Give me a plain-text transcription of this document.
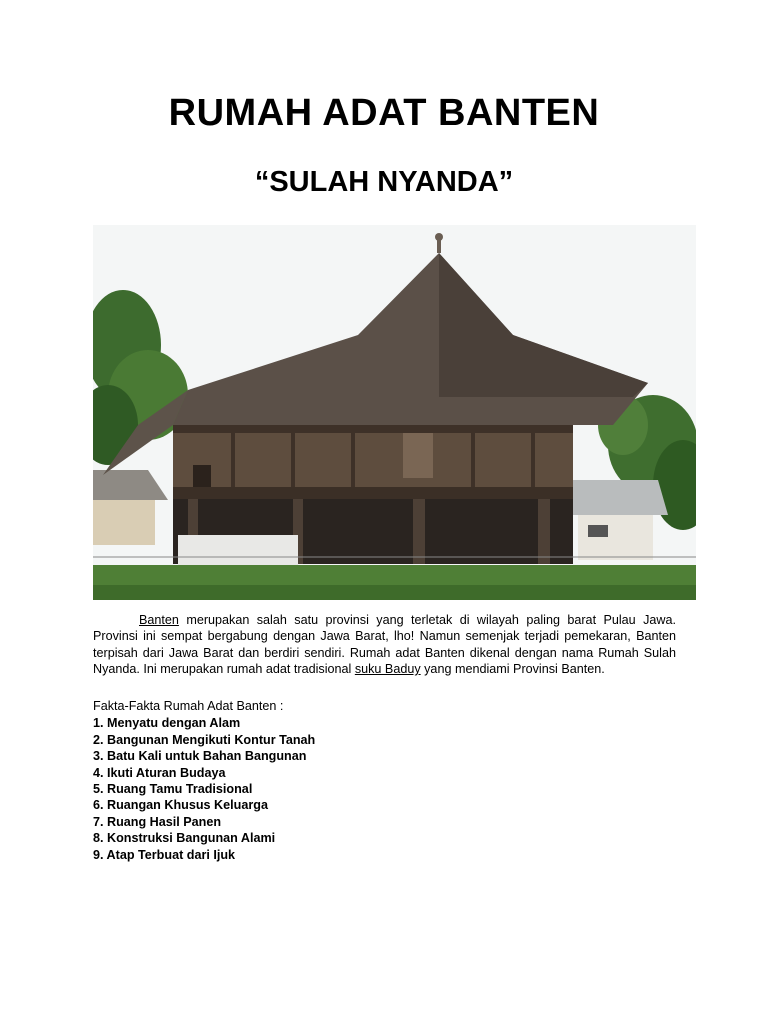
RUMAH ADAT BANTEN
“SULAH NYANDA”

Banten merupakan salah satu provinsi yang terletak di wilayah paling barat Pulau Jawa. Provinsi ini sempat bergabung dengan Jawa Barat, lho! Namun semenjak terjadi pemekaran, Banten terpisah dari Jawa Barat dan berdiri sendiri. Rumah adat Banten dikenal dengan nama Rumah Sulah Nyanda. Ini merupakan rumah adat tradisional suku Baduy yang mendiami Provinsi Banten.

Fakta-Fakta Rumah Adat Banten :

1. Menyatu dengan Alam
2. Bangunan Mengikuti Kontur Tanah
3. Batu Kali untuk Bahan Bangunan
4. Ikuti Aturan Budaya
5. Ruang Tamu Tradisional
6. Ruangan Khusus Keluarga
7. Ruang Hasil Panen
8. Konstruksi Bangunan Alami
9. Atap Terbuat dari Ijuk
